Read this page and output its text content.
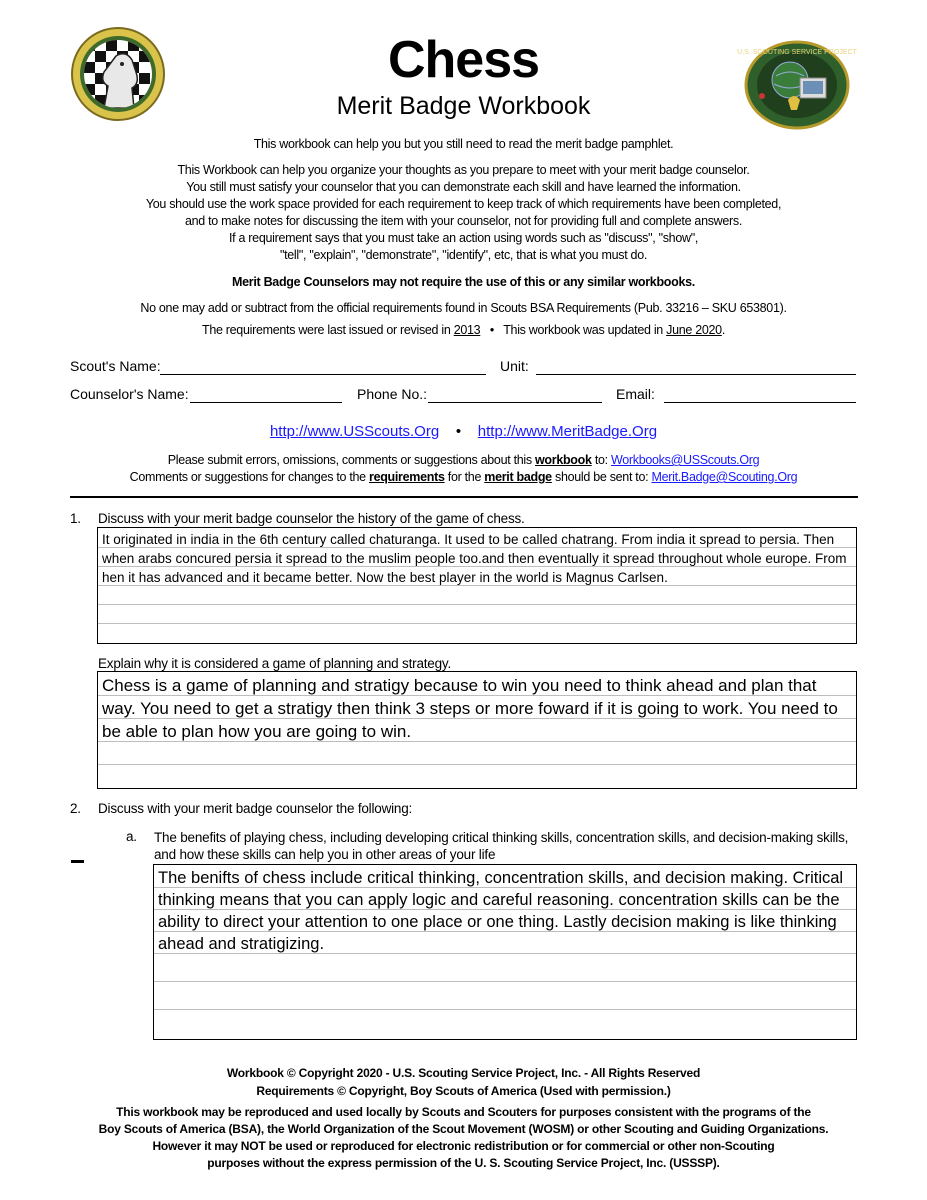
U.S. SCOUTING SERVICE PROJECT
Chess
Merit Badge Workbook
This workbook can help you but you still need to read the merit badge pamphlet.
This Workbook can help you organize your thoughts as you prepare to meet with your merit badge counselor.
You still must satisfy your counselor that you can demonstrate each skill and have learned the information.
You should use the work space provided for each requirement to keep track of which requirements have been completed,
and to make notes for discussing the item with your counselor, not for providing full and complete answers.
If a requirement says that you must take an action using words such as "discuss", "show",
"tell", "explain", "demonstrate", "identify", etc, that is what you must do.
Merit Badge Counselors may not require the use of this or any similar workbooks.
No one may add or subtract from the official requirements found in Scouts BSA Requirements (Pub. 33216 – SKU 653801).
The requirements were last issued or revised in 2013 • This workbook was updated in June 2020.
Scout's Name:	Unit:
Counselor's Name:	Phone No.:	Email:
http://www.USScouts.Org • http://www.MeritBadge.Org
Please submit errors, omissions, comments or suggestions about this workbook to: Workbooks@USScouts.Org
Comments or suggestions for changes to the requirements for the merit badge should be sent to: Merit.Badge@Scouting.Org
1. Discuss with your merit badge counselor the history of the game of chess.
It originated in india in the 6th century called chaturanga. It used to be called chatrang. From india it spread to persia. Then when arabs concured persia it spread to the muslim people too.and then eventually it spread throughout whole europe. From hen it has advanced and it became better. Now the best player in the world is Magnus Carlsen.
Explain why it is considered a game of planning and strategy.
Chess is a game of planning and stratigy because to win you need to think ahead and plan that way. You need to get a stratigy then think 3 steps or more foward if it is going to work. You need to be able to plan how you are going to win.
2. Discuss with your merit badge counselor the following:
a. The benefits of playing chess, including developing critical thinking skills, concentration skills, and decision-making skills, and how these skills can help you in other areas of your life
The benifts of chess include critical thinking, concentration skills, and decision making. Critical thinking means that you can apply logic and careful reasoning. concentration skills can be the ability to direct your attention to one place or one thing. Lastly decision making is like thinking ahead and stratigizing.
Workbook © Copyright 2020 - U.S. Scouting Service Project, Inc. - All Rights Reserved
Requirements © Copyright, Boy Scouts of America (Used with permission.)
This workbook may be reproduced and used locally by Scouts and Scouters for purposes consistent with the programs of the
Boy Scouts of America (BSA), the World Organization of the Scout Movement (WOSM) or other Scouting and Guiding Organizations.
However it may NOT be used or reproduced for electronic redistribution or for commercial or other non-Scouting
purposes without the express permission of the U. S. Scouting Service Project, Inc. (USSSP).
